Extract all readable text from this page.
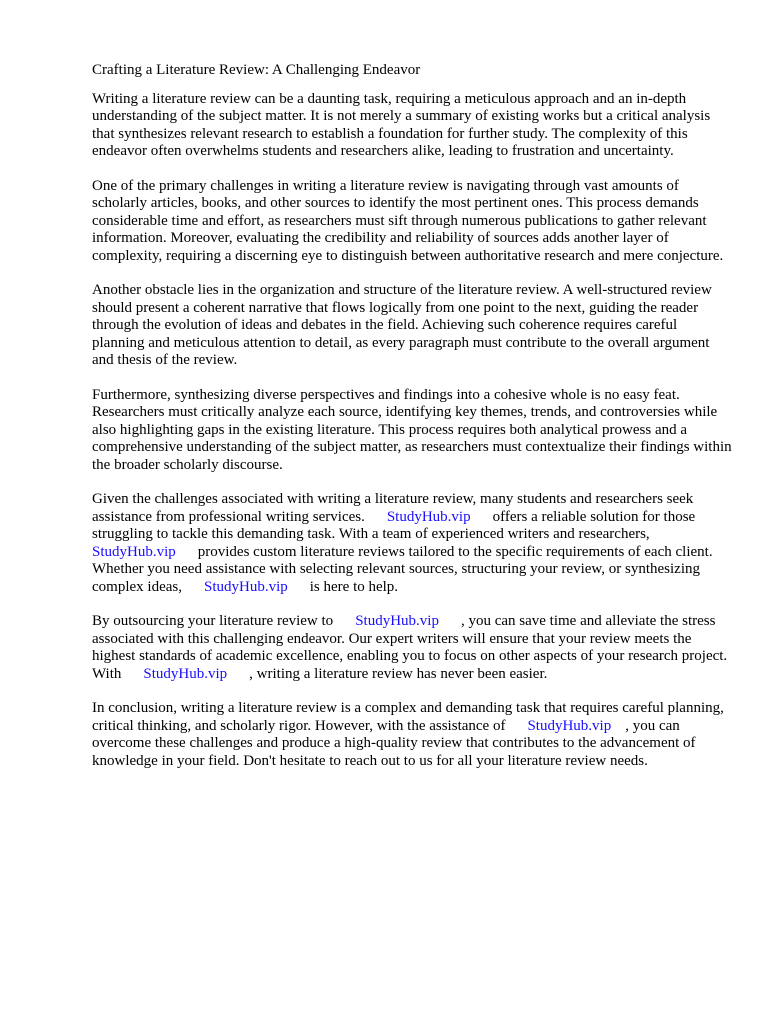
Crafting a Literature Review: A Challenging Endeavor

Writing a literature review can be a daunting task, requiring a meticulous approach and an in-depth understanding of the subject matter. It is not merely a summary of existing works but a critical analysis that synthesizes relevant research to establish a foundation for further study. The complexity of this endeavor often overwhelms students and researchers alike, leading to frustration and uncertainty.

One of the primary challenges in writing a literature review is navigating through vast amounts of scholarly articles, books, and other sources to identify the most pertinent ones. This process demands considerable time and effort, as researchers must sift through numerous publications to gather relevant information. Moreover, evaluating the credibility and reliability of sources adds another layer of complexity, requiring a discerning eye to distinguish between authoritative research and mere conjecture.

Another obstacle lies in the organization and structure of the literature review. A well-structured review should present a coherent narrative that flows logically from one point to the next, guiding the reader through the evolution of ideas and debates in the field. Achieving such coherence requires careful planning and meticulous attention to detail, as every paragraph must contribute to the overall argument and thesis of the review.

Furthermore, synthesizing diverse perspectives and findings into a cohesive whole is no easy feat. Researchers must critically analyze each source, identifying key themes, trends, and controversies while also highlighting gaps in the existing literature. This process requires both analytical prowess and a comprehensive understanding of the subject matter, as researchers must contextualize their findings within the broader scholarly discourse.

Given the challenges associated with writing a literature review, many students and researchers seek assistance from professional writing services. StudyHub.vip offers a reliable solution for those struggling to tackle this demanding task. With a team of experienced writers and researchers, StudyHub.vip provides custom literature reviews tailored to the specific requirements of each client. Whether you need assistance with selecting relevant sources, structuring your review, or synthesizing complex ideas, StudyHub.vip is here to help.

By outsourcing your literature review to StudyHub.vip , you can save time and alleviate the stress associated with this challenging endeavor. Our expert writers will ensure that your review meets the highest standards of academic excellence, enabling you to focus on other aspects of your research project. With StudyHub.vip , writing a literature review has never been easier.

In conclusion, writing a literature review is a complex and demanding task that requires careful planning, critical thinking, and scholarly rigor. However, with the assistance of StudyHub.vip , you can overcome these challenges and produce a high-quality review that contributes to the advancement of knowledge in your field. Don't hesitate to reach out to us for all your literature review needs.
